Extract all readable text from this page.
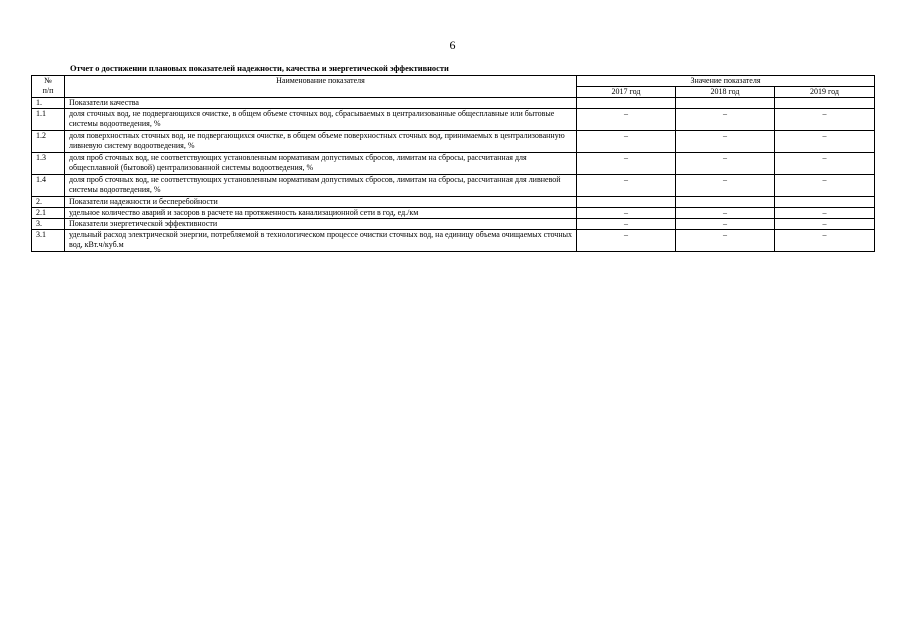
6
Отчет о достижении плановых показателей надежности, качества и энергетической эффективности
№
п/п	Наименование показателя	Значение показателя		
		2017 год	2018 год	2019 год
1.	Показатели качества			
1.1	доля сточных вод, не подвергающихся очистке, в общем объеме сточных вод, сбрасываемых в централизованные общесплавные или бытовые системы водоотведения, %	–	–	–
1.2	доля поверхностных сточных вод, не подвергающихся очистке, в общем объеме поверхностных сточных вод, принимаемых в централизованную ливневую систему водоотведения, %	–	–	–
1.3	доля проб сточных вод, не соответствующих установленным нормативам допустимых сбросов, лимитам на сбросы, рассчитанная для общесплавной (бытовой) централизованной системы водоотведения, %	–	–	–
1.4	доля проб сточных вод, не соответствующих установленным нормативам допустимых сбросов, лимитам на сбросы, рассчитанная для ливневой системы водоотведения, %	–	–	–
2.	Показатели надежности и бесперебойности			
2.1	удельное количество аварий и засоров в расчете на протяженность канализационной сети в год, ед./км	–	–	–
3.	Показатели энергетической эффективности	–	–	–
3.1	удельный расход электрической энергии, потребляемой в технологическом процессе очистки сточных вод, на единицу объема очищаемых сточных вод, кВт.ч/куб.м	–	–	–
